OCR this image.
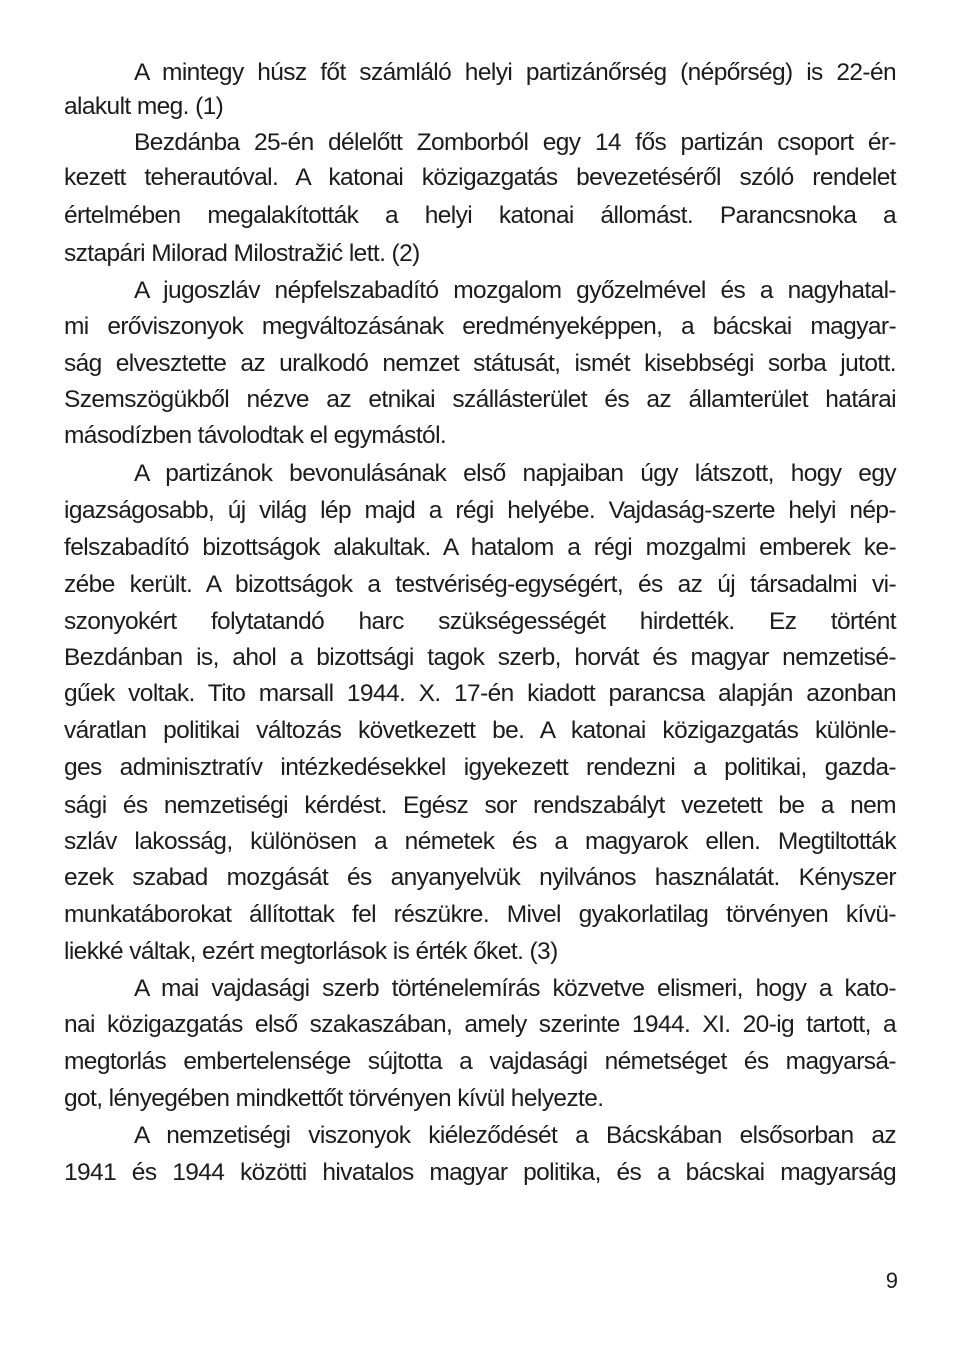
A mintegy húsz főt számláló helyi partizánőrség (népőrség) is 22-én
alakult meg. (1)
Bezdánba 25-én délelőtt Zomborból egy 14 fős partizán csoport ér-
kezett teherautóval. A katonai közigazgatás bevezetéséről szóló rendelet
értelmében megalakították a helyi katonai állomást. Parancsnoka a
sztapári Milorad Milostražić lett. (2)
A jugoszláv népfelszabadító mozgalom győzelmével és a nagyhatal-
mi erőviszonyok megváltozásának eredményeképpen, a bácskai magyar-
ság elvesztette az uralkodó nemzet státusát, ismét kisebbségi sorba jutott.
Szemszögükből nézve az etnikai szállásterület és az államterület határai
másodízben távolodtak el egymástól.
A partizánok bevonulásának első napjaiban úgy látszott, hogy egy
igazságosabb, új világ lép majd a régi helyébe. Vajdaság-szerte helyi nép-
felszabadító bizottságok alakultak. A hatalom a régi mozgalmi emberek ke-
zébe került. A bizottságok a testvériség-egységért, és az új társadalmi vi-
szonyokért folytatandó harc szükségességét hirdették. Ez történt
Bezdánban is, ahol a bizottsági tagok szerb, horvát és magyar nemzetisé-
gűek voltak. Tito marsall 1944. X. 17-én kiadott parancsa alapján azonban
váratlan politikai változás következett be. A katonai közigazgatás különle-
ges adminisztratív intézkedésekkel igyekezett rendezni a politikai, gazda-
sági és nemzetiségi kérdést. Egész sor rendszabályt vezetett be a nem
szláv lakosság, különösen a németek és a magyarok ellen. Megtiltották
ezek szabad mozgását és anyanyelvük nyilvános használatát. Kényszer
munkatáborokat állítottak fel részükre. Mivel gyakorlatilag törvényen kívü-
liekké váltak, ezért megtorlások is érték őket. (3)
A mai vajdasági szerb történelemírás közvetve elismeri, hogy a kato-
nai közigazgatás első szakaszában, amely szerinte 1944. XI. 20-ig tartott, a
megtorlás embertelensége sújtotta a vajdasági németséget és magyarsá-
got, lényegében mindkettőt törvényen kívül helyezte.
A nemzetiségi viszonyok kiéleződését a Bácskában elsősorban az
1941 és 1944 közötti hivatalos magyar politika, és a bácskai magyarság
9
